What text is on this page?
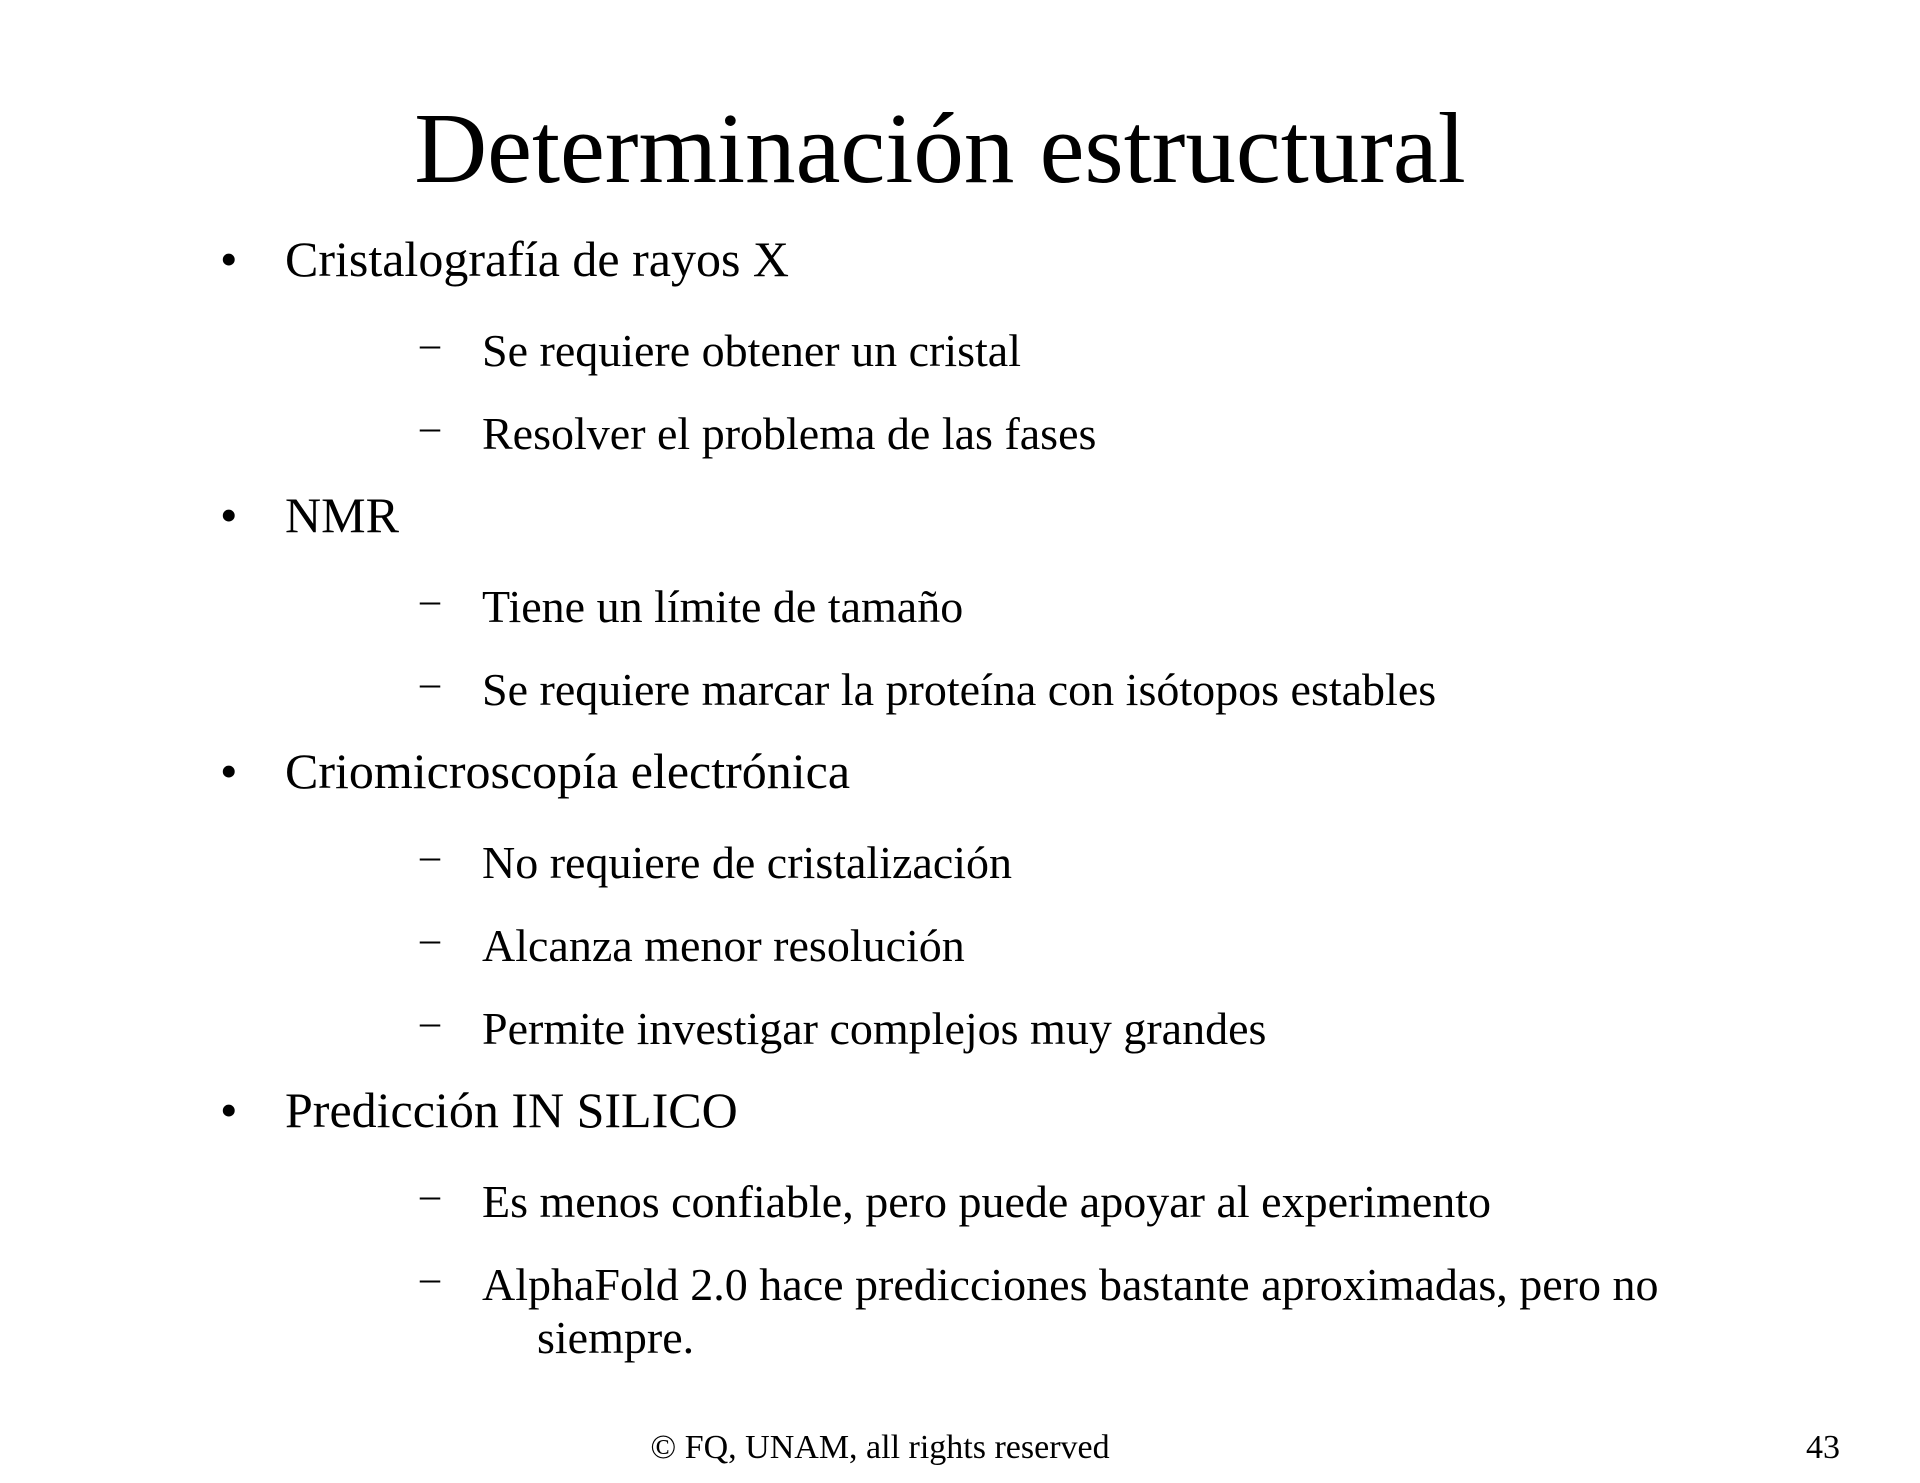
Determinación estructural
• Cristalografía de rayos X
– Se requiere obtener un cristal
– Resolver el problema de las fases
• NMR
– Tiene un límite de tamaño
– Se requiere marcar la proteína con isótopos estables
• Criomicroscopía electrónica
– No requiere de cristalización
– Alcanza menor resolución
– Permite investigar complejos muy grandes
• Predicción IN SILICO
– Es menos confiable, pero puede apoyar al experimento
– AlphaFold 2.0 hace predicciones bastante aproximadas, pero no
siempre.
© FQ, UNAM, all rights reserved	43
